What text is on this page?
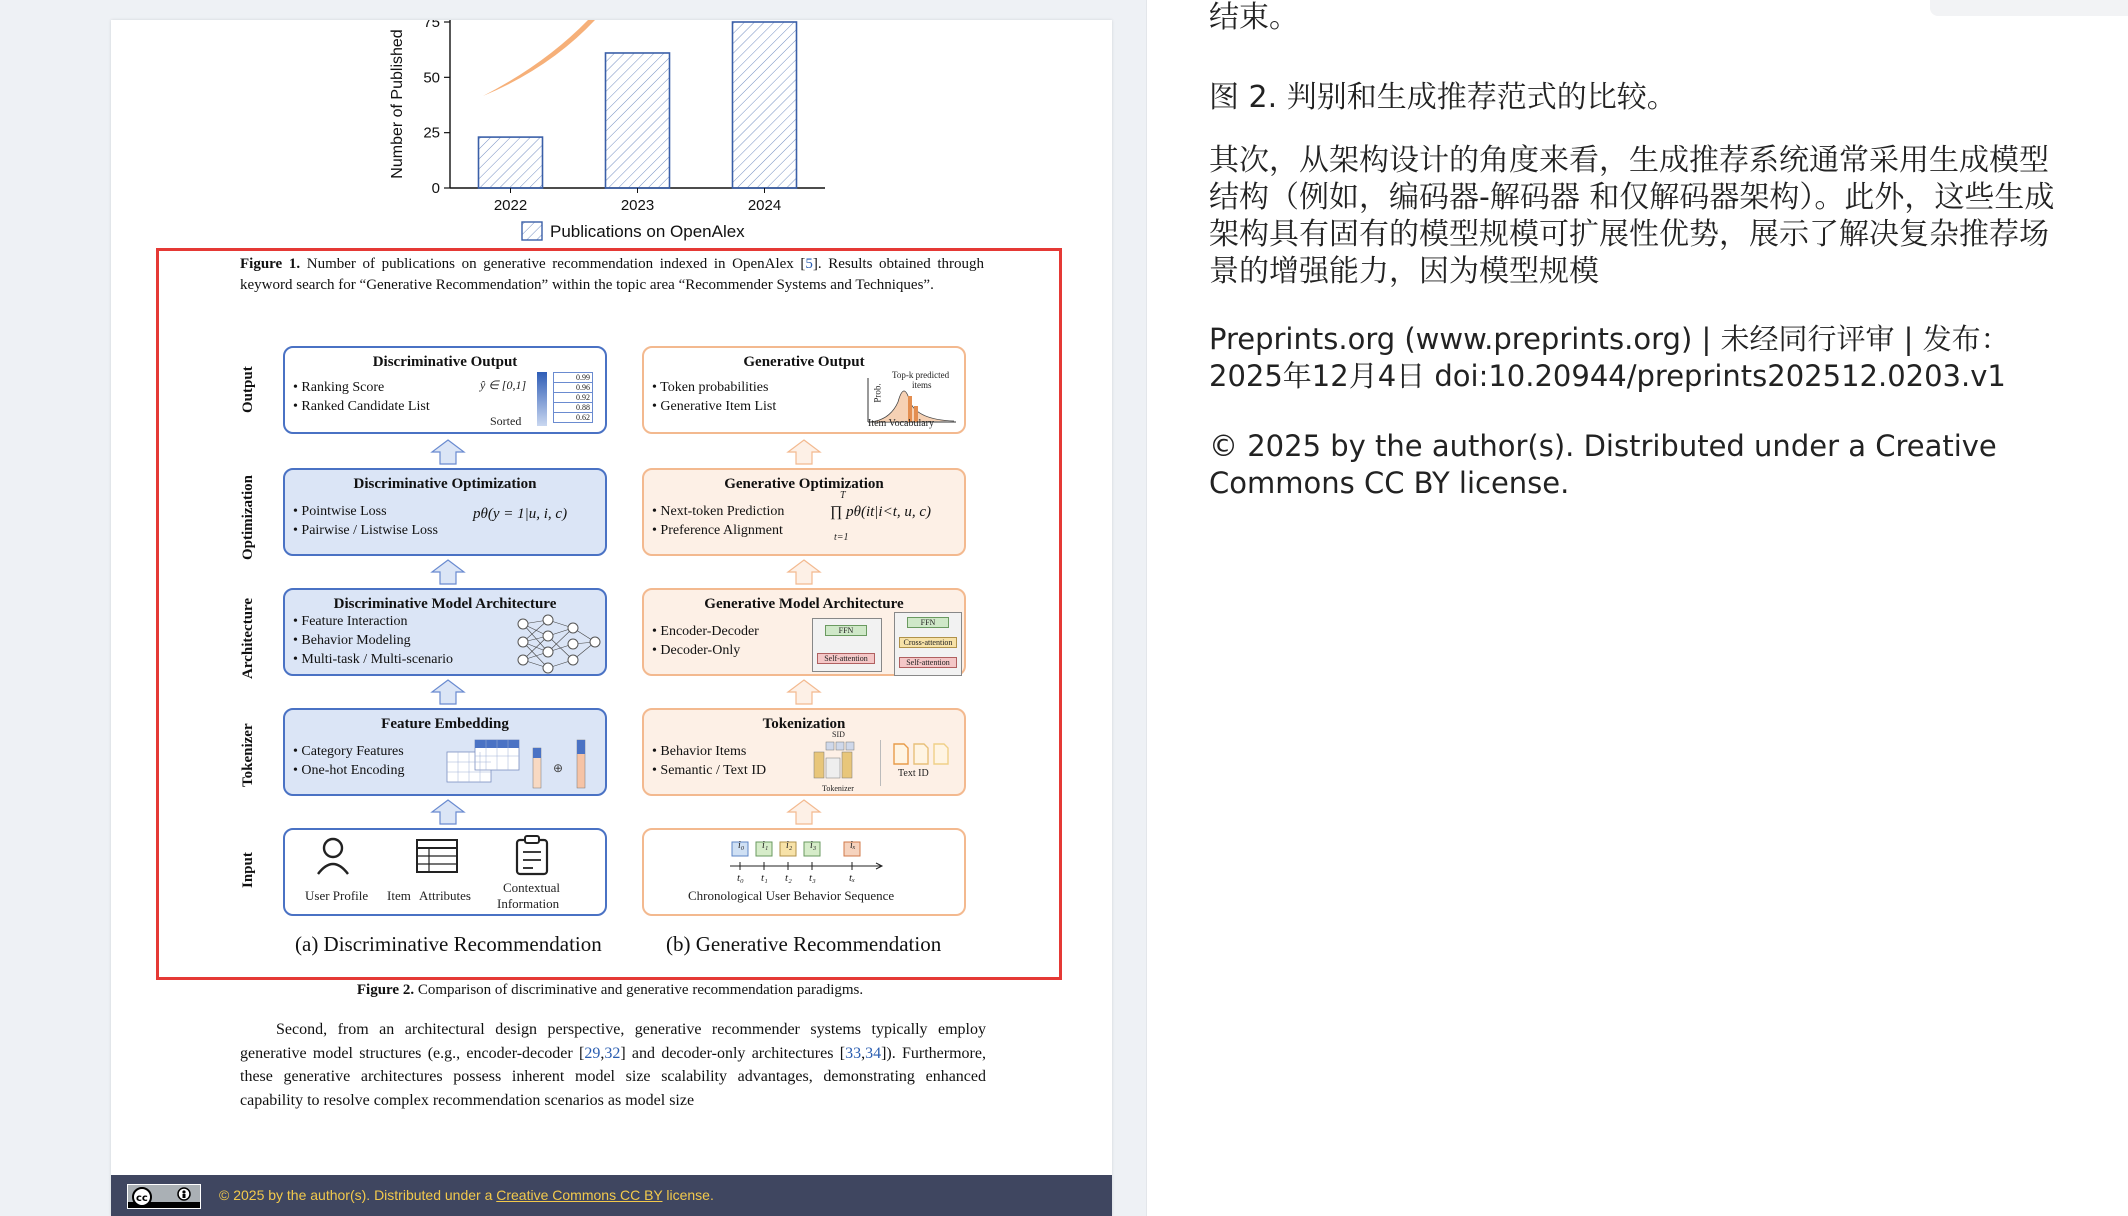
0
25
50
75
Number of Published
2022	2023	2024
Publications on OpenAlex
Figure 1. Number of publications on generative recommendation indexed in OpenAlex [5]. Results obtained through keyword search for “Generative Recommendation” within the topic area “Recommender Systems and Techniques”.
Output
Optimization
Architecture
Tokenizer
Input
Discriminative Output
• Ranking Score
• Ranked Candidate List
ŷ ∈ [0,1]
Sorted
0.99
0.96
0.92
0.88
0.62
Discriminative Optimization
• Pointwise Loss
• Pairwise / Listwise Loss
pθ(y = 1|u, i, c)
Discriminative Model Architecture
• Feature Interaction
• Behavior Modeling
• Multi-task / Multi-scenario
Feature Embedding
• Category Features
• One-hot Encoding	⊕
User Profile Item Attributes
Contextual
Information
Generative Output
• Token probabilities
• Generative Item List
Top-k predicted
items
Prob.
Item Vocabulary
Generative Optimization
• Next-token Prediction
• Preference Alignment
T
∏ pθ(it|i<t, u, c)
t=1
Generative Model Architecture
• Encoder-Decoder
• Decoder-Only
FFN
Self-attention
FFN
Cross-attention
Self-attention
Tokenization
• Behavior Items
• Semantic / Text ID
SID
Tokenizer
Text ID
i₀ i₁ i₂ i₃	iₓ
t₀ t₁ t₂ t₃	tₓ
Chronological User Behavior Sequence
(a) Discriminative Recommendation	(b) Generative Recommendation
Figure 2. Comparison of discriminative and generative recommendation paradigms.
Second, from an architectural design perspective, generative recommender systems typically employ generative model structures (e.g., encoder-decoder [29,32] and decoder-only architectures [33,34]). Furthermore, these generative architectures possess inherent model size scalability advantages, demonstrating enhanced capability to resolve complex recommendation scenarios as model size
cc	© 2025 by the author(s). Distributed under a Creative Commons CC BY license.
结束。
图 2. 判别和生成推荐范式的比较。
其次，从架构设计的角度来看，生成推荐系统通常采用生成模型结构（例如，编码器-解码器 和仅解码器架构）。此外，这些生成架构具有固有的模型规模可扩展性优势，展示了解决复杂推荐场景的增强能力，因为模型规模
Preprints.org (www.preprints.org) | 未经同行评审 | 发布：2025年12月4日 doi:10.20944/preprints202512.0203.v1
© 2025 by the author(s). Distributed under a Creative Commons CC BY license.
